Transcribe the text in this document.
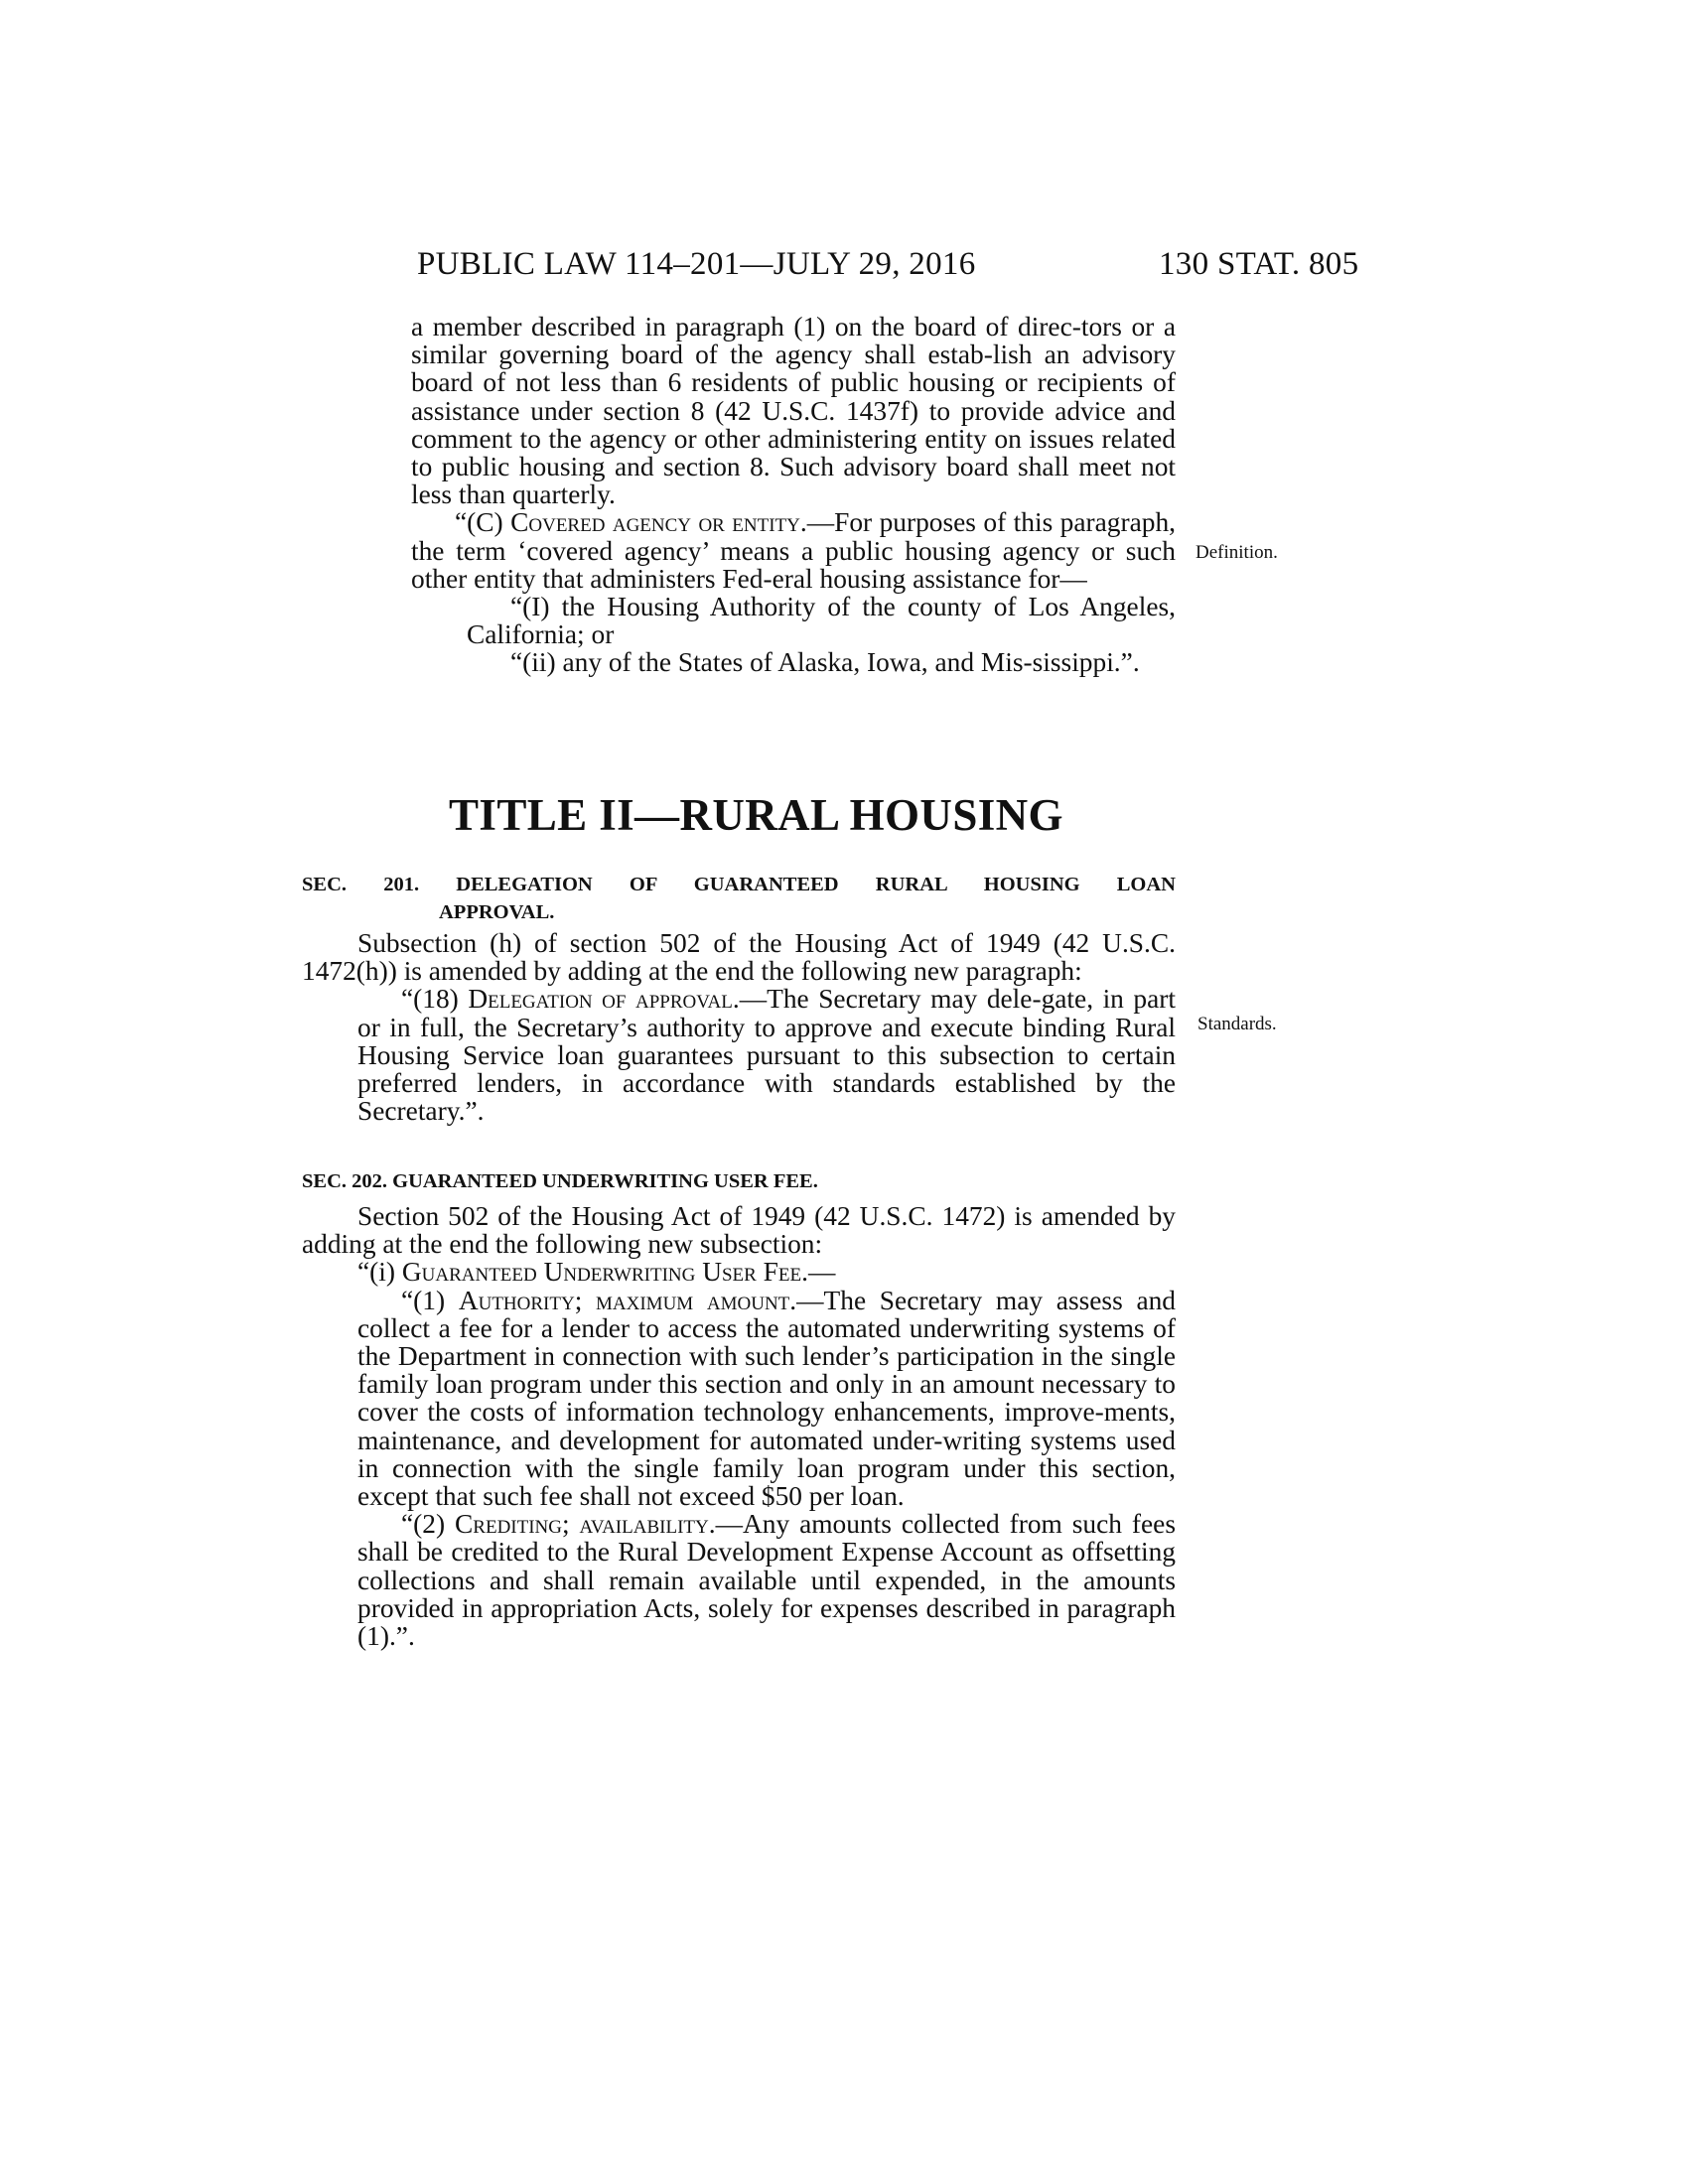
PUBLIC LAW 114–201—JULY 29, 2016	130 STAT. 805

a member described in paragraph (1) on the board of direc-tors or a similar governing board of the agency shall estab-lish an advisory board of not less than 6 residents of public housing or recipients of assistance under section 8 (42 U.S.C. 1437f) to provide advice and comment to the agency or other administering entity on issues related to public housing and section 8. Such advisory board shall meet not less than quarterly.

“(C) Covered agency or entity.—For purposes of this paragraph, the term ‘covered agency’ means a public housing agency or such other entity that administers Fed-eral housing assistance for—

“(I) the Housing Authority of the county of Los Angeles, California; or

“(ii) any of the States of Alaska, Iowa, and Mis-sissippi.”.

Definition.
TITLE II—RURAL HOUSING
SEC. 201. DELEGATION OF GUARANTEED RURAL HOUSING LOAN
APPROVAL.

Subsection (h) of section 502 of the Housing Act of 1949 (42 U.S.C. 1472(h)) is amended by adding at the end the following new paragraph:

“(18) Delegation of approval.—The Secretary may dele-gate, in part or in full, the Secretary’s authority to approve and execute binding Rural Housing Service loan guarantees pursuant to this subsection to certain preferred lenders, in accordance with standards established by the Secretary.”.

Standards.
SEC. 202. GUARANTEED UNDERWRITING USER FEE.

Section 502 of the Housing Act of 1949 (42 U.S.C. 1472) is amended by adding at the end the following new subsection:

“(i) Guaranteed Underwriting User Fee.—

“(1) Authority; maximum amount.—The Secretary may assess and collect a fee for a lender to access the automated underwriting systems of the Department in connection with such lender’s participation in the single family loan program under this section and only in an amount necessary to cover the costs of information technology enhancements, improve-ments, maintenance, and development for automated under-writing systems used in connection with the single family loan program under this section, except that such fee shall not exceed $50 per loan.

“(2) Crediting; availability.—Any amounts collected from such fees shall be credited to the Rural Development Expense Account as offsetting collections and shall remain available until expended, in the amounts provided in appropriation Acts, solely for expenses described in paragraph (1).”.
